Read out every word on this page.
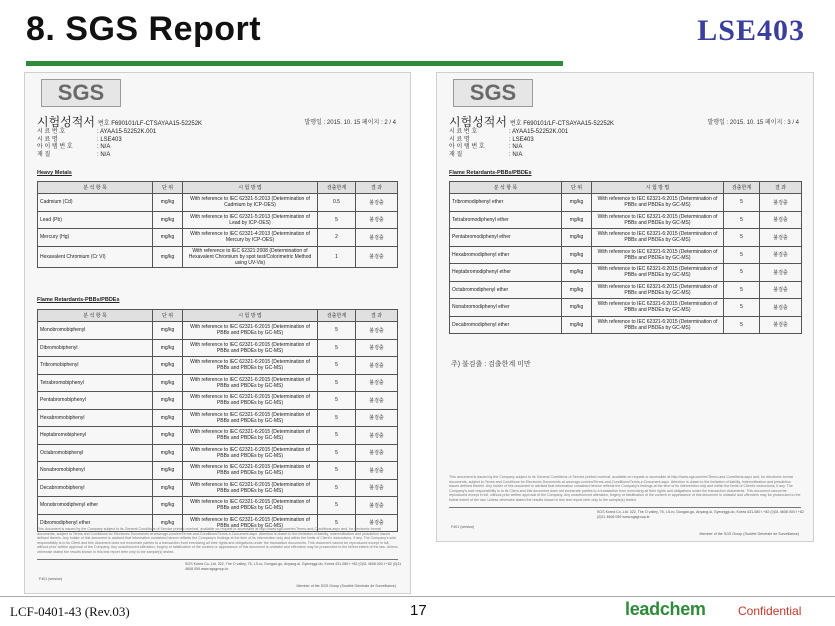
8. SGS Report	LSE403
SGS
시험성적서 번호 F690101/LF-CTSAYAA15-52252K	발행일 : 2015. 10. 15 페이지 : 2 / 4
시 료 번 호	: AYAA15-52252K.001
시 료 명	: LSE403
아 이 템 번 호	: N/A
재 질	: N/A
Heavy Metals
분 석 항 목	단 위	시 험 방 법	검출한계	결 과
Cadmium (Cd)	mg/kg	With reference to IEC 62321-5:2013 (Determination of Cadmium by ICP-OES)	0.5	불검출
Lead (Pb)	mg/kg	With reference to IEC 62321-5:2013 (Determination of Lead by ICP-OES)	5	불검출
Mercury (Hg)	mg/kg	With reference to IEC 62321-4:2013 (Determination of Mercury by ICP-OES)	2	불검출
Hexavalent Chromium (Cr VI)	mg/kg	With reference to IEC 62321:2008 (Determination of Hexavalent Chromium by spot test/Colorimetric Method using UV-Vis)	1	불검출
Flame Retardants-PBBs/PBDEs
분 석 항 목	단 위	시 험 방 법	검출한계	결 과
Monobromobiphenyl	mg/kg	With reference to IEC 62321-6:2015 (Determination of PBBs and PBDEs by GC-MS)	5	불검출
Dibromobiphenyl	mg/kg	With reference to IEC 62321-6:2015 (Determination of PBBs and PBDEs by GC-MS)	5	불검출
Tribromobiphenyl	mg/kg	With reference to IEC 62321-6:2015 (Determination of PBBs and PBDEs by GC-MS)	5	불검출
Tetrabromobiphenyl	mg/kg	With reference to IEC 62321-6:2015 (Determination of PBBs and PBDEs by GC-MS)	5	불검출
Pentabromobiphenyl	mg/kg	With reference to IEC 62321-6:2015 (Determination of PBBs and PBDEs by GC-MS)	5	불검출
Hexabromobiphenyl	mg/kg	With reference to IEC 62321-6:2015 (Determination of PBBs and PBDEs by GC-MS)	5	불검출
Heptabromobiphenyl	mg/kg	With reference to IEC 62321-6:2015 (Determination of PBBs and PBDEs by GC-MS)	5	불검출
Octabromobiphenyl	mg/kg	With reference to IEC 62321-6:2015 (Determination of PBBs and PBDEs by GC-MS)	5	불검출
Nonabromobiphenyl	mg/kg	With reference to IEC 62321-6:2015 (Determination of PBBs and PBDEs by GC-MS)	5	불검출
Decabromobiphenyl	mg/kg	With reference to IEC 62321-6:2015 (Determination of PBBs and PBDEs by GC-MS)	5	불검출
Monobromodiphenyl ether	mg/kg	With reference to IEC 62321-6:2015 (Determination of PBBs and PBDEs by GC-MS)	5	불검출
Dibromodiphenyl ether	mg/kg	With reference to IEC 62321-6:2015 (Determination of PBBs and PBDEs by GC-MS)	5	불검출
This document is issued by the Company subject to its General Conditions of Service printed overleaf, available on request or accessible at http://www.sgs.com/en/Terms-and-Conditions.aspx and, for electronic format documents, subject to Terms and Conditions for Electronic Documents at www.sgs.com/en/Terms-and-Conditions/Terms-e-Document.aspx. Attention is drawn to the limitation of liability, indemnification and jurisdiction issues defined therein. Any holder of this document is advised that information contained hereon reflects the Company's findings at the time of its intervention only and within the limits of Client's instructions, if any. The Company's sole responsibility is to its Client and this document does not exonerate parties to a transaction from exercising all their rights and obligations under the transaction documents. This document cannot be reproduced except in full, without prior written approval of the Company. Any unauthorized alteration, forgery or falsification of the content or appearance of this document is unlawful and offenders may be prosecuted to the fullest extent of the law. Unless otherwise stated the results shown in this test report refer only to the sample(s) tested.
SGS Korea Co.,Ltd. 322, The O valley, 76, LS-ro, Dongan-gu, Anyang-si, Gyeonggi-do, Korea 431-080 t +82 (0)31 4608 000 f +82 (0)31 4608 059 www.sgsgroup.kr
F401 (version)
Member of the SGS Group (Société Générale de Surveillance)
SGS
시험성적서 번호 F690101/LF-CTSAYAA15-52252K	발행일 : 2015. 10. 15 페이지 : 3 / 4
시 료 번 호	: AYAA15-52252K.001
시 료 명	: LSE403
아 이 템 번 호	: N/A
재 질	: N/A
Flame Retardants-PBBs/PBDEs
분 석 항 목	단 위	시 험 방 법	검출한계	결 과
Tribromodiphenyl ether	mg/kg	With reference to IEC 62321-6:2015 (Determination of PBBs and PBDEs by GC-MS)	5	불검출
Tetrabromodiphenyl ether	mg/kg	With reference to IEC 62321-6:2015 (Determination of PBBs and PBDEs by GC-MS)	5	불검출
Pentabromodiphenyl ether	mg/kg	With reference to IEC 62321-6:2015 (Determination of PBBs and PBDEs by GC-MS)	5	불검출
Hexabromodiphenyl ether	mg/kg	With reference to IEC 62321-6:2015 (Determination of PBBs and PBDEs by GC-MS)	5	불검출
Heptabromodiphenyl ether	mg/kg	With reference to IEC 62321-6:2015 (Determination of PBBs and PBDEs by GC-MS)	5	불검출
Octabromodiphenyl ether	mg/kg	With reference to IEC 62321-6:2015 (Determination of PBBs and PBDEs by GC-MS)	5	불검출
Nonabromodiphenyl ether	mg/kg	With reference to IEC 62321-6:2015 (Determination of PBBs and PBDEs by GC-MS)	5	불검출
Decabromodiphenyl ether	mg/kg	With reference to IEC 62321-6:2015 (Determination of PBBs and PBDEs by GC-MS)	5	불검출
주) 불검출 : 검출한계 미만
This document is issued by the Company subject to its General Conditions of Service printed overleaf, available on request or accessible at http://www.sgs.com/en/Terms-and-Conditions.aspx and, for electronic format documents, subject to Terms and Conditions for Electronic Documents at www.sgs.com/en/Terms-and-Conditions/Terms-e-Document.aspx. Attention is drawn to the limitation of liability, indemnification and jurisdiction issues defined therein. Any holder of this document is advised that information contained hereon reflects the Company's findings at the time of its intervention only and within the limits of Client's instructions, if any. The Company's sole responsibility is to its Client and this document does not exonerate parties to a transaction from exercising all their rights and obligations under the transaction documents. This document cannot be reproduced except in full, without prior written approval of the Company. Any unauthorized alteration, forgery or falsification of the content or appearance of this document is unlawful and offenders may be prosecuted to the fullest extent of the law. Unless otherwise stated the results shown in this test report refer only to the sample(s) tested.
SGS Korea Co.,Ltd. 322, The O valley, 76, LS-ro, Dongan-gu, Anyang-si, Gyeonggi-do, Korea 431-080 t +82 (0)31 4608 000 f +82 (0)31 4608 059 www.sgsgroup.kr
F401 (version)
Member of the SGS Group (Société Générale de Surveillance)
LCF-0401-43 (Rev.03)	17	leadchem	Confidential
